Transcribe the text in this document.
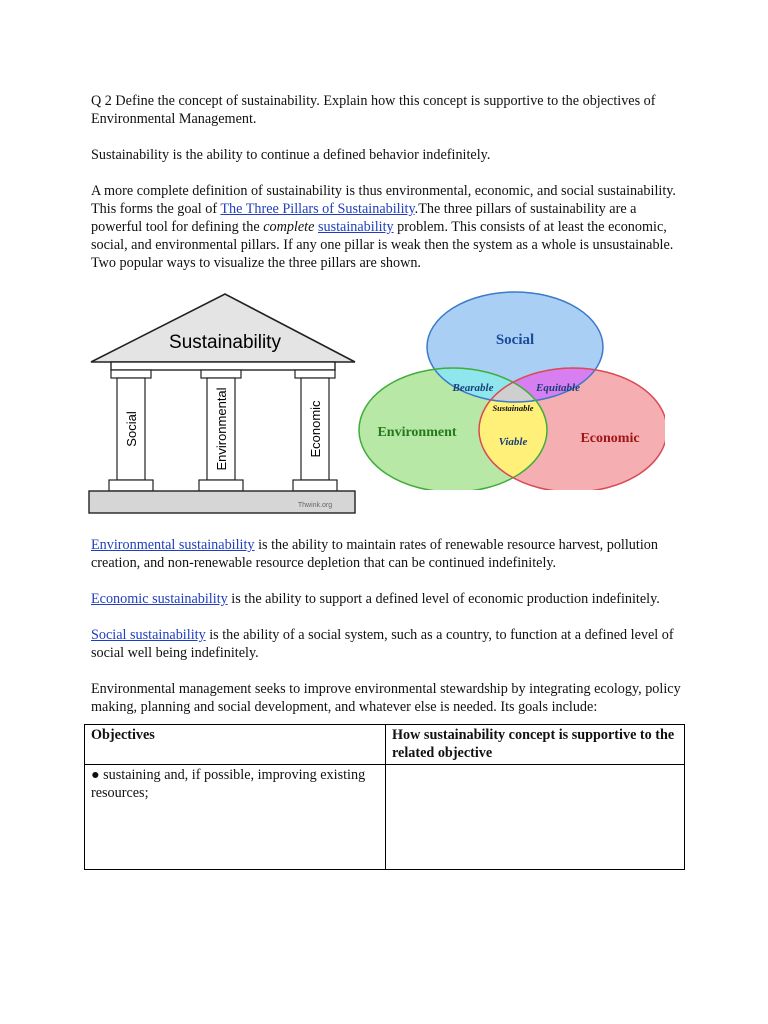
Q 2 Define the concept of sustainability. Explain how this concept is supportive to the objectives of Environmental Management.

Sustainability is the ability to continue a defined behavior indefinitely.

A more complete definition of sustainability is thus environmental, economic, and social sustainability. This forms the goal of The Three Pillars of Sustainability.The three pillars of sustainability are a powerful tool for defining the complete sustainability problem. This consists of at least the economic, social, and environmental pillars. If any one pillar is weak then the system as a whole is unsustainable. Two popular ways to visualize the three pillars are shown.

Sustainability
Social	Environmental	Economic
Thwink.org
Social
Environment	Economic
Bearable	Equitable
Viable
Sustainable

Environmental sustainability is the ability to maintain rates of renewable resource harvest, pollution creation, and non-renewable resource depletion that can be continued indefinitely.

Economic sustainability is the ability to support a defined level of economic production indefinitely.

Social sustainability is the ability of a social system, such as a country, to function at a defined level of social well being indefinitely.

Environmental management seeks to improve environmental stewardship by integrating ecology, policy making, planning and social development, and whatever else is needed. Its goals include:

Objectives	How sustainability concept is supportive to the related objective
● sustaining and, if possible, improving existing resources;	
